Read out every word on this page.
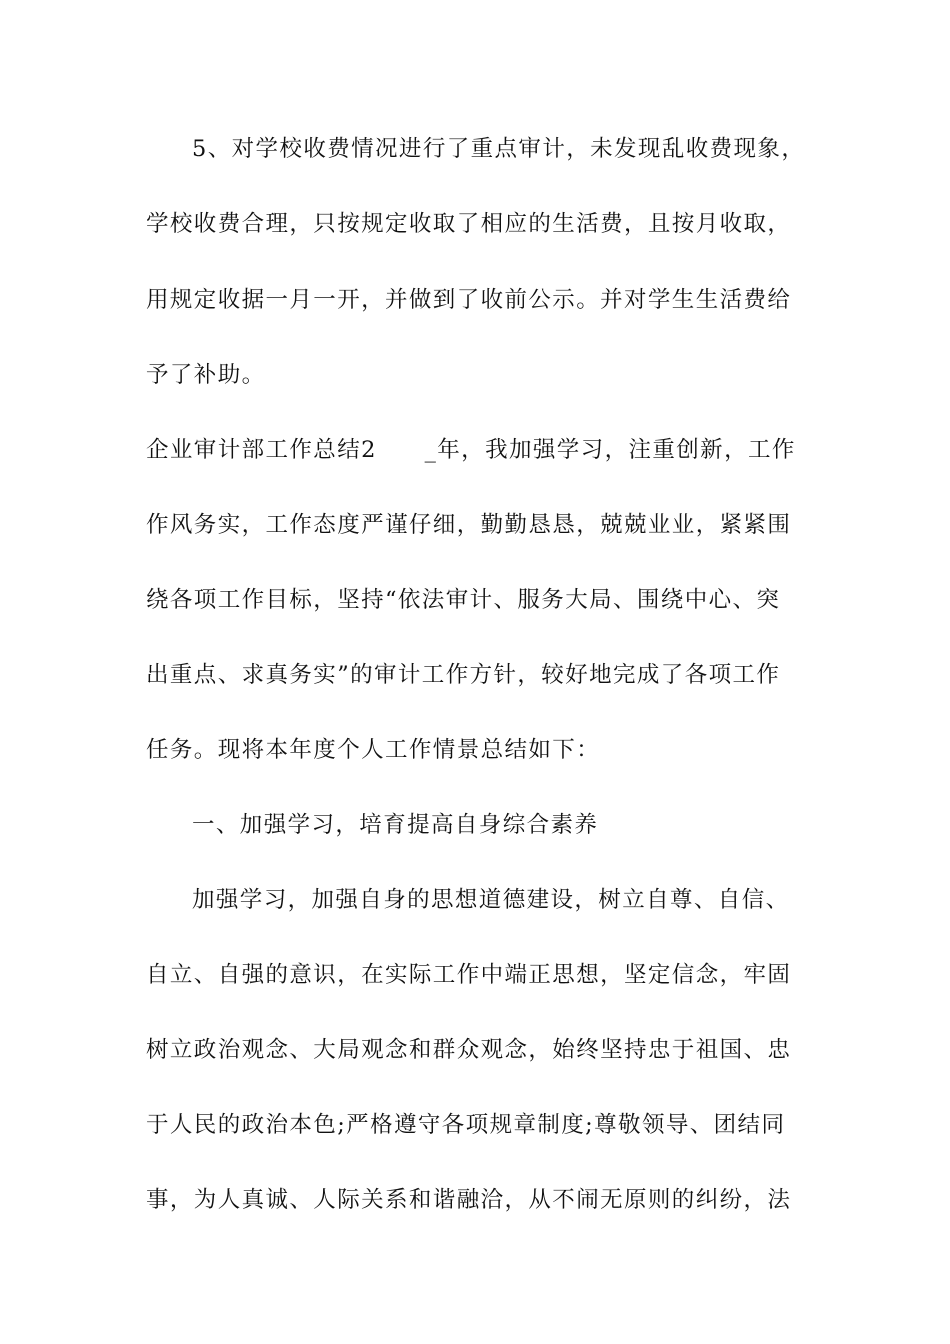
5、对学校收费情况进行了重点审计，未发现乱收费现象，
学校收费合理，只按规定收取了相应的生活费，且按月收取，
用规定收据一月一开，并做到了收前公示。并对学生生活费给
予了补助。
企业审计部工作总结2　　_年，我加强学习，注重创新，工作
作风务实，工作态度严谨仔细，勤勤恳恳，兢兢业业，紧紧围
绕各项工作目标，坚持“依法审计、服务大局、围绕中心、突
出重点、求真务实”的审计工作方针，较好地完成了各项工作
任务。现将本年度个人工作情景总结如下：
一、加强学习，培育提高自身综合素养
加强学习，加强自身的思想道德建设，树立自尊、自信、
自立、自强的意识，在实际工作中端正思想，坚定信念，牢固
树立政治观念、大局观念和群众观念，始终坚持忠于祖国、忠
于人民的政治本色;严格遵守各项规章制度;尊敬领导、团结同
事，为人真诚、人际关系和谐融洽，从不闹无原则的纠纷，法
